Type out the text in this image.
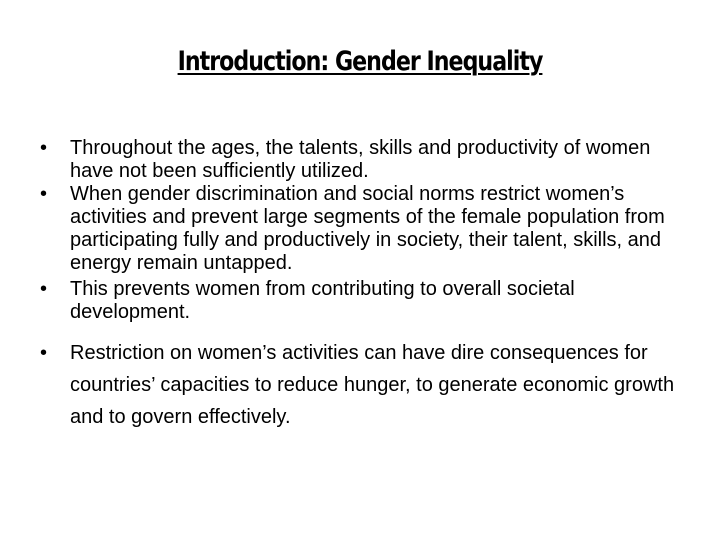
Introduction: Gender Inequality
• Throughout the ages, the talents, skills and productivity of women have not been sufficiently utilized.
• When gender discrimination and social norms restrict women’s activities and prevent large segments of the female population from participating fully and productively in society, their talent, skills, and energy remain untapped.
• This prevents women from contributing to overall societal development.
• Restriction on women’s activities can have dire consequences for countries’ capacities to reduce hunger, to generate economic growth and to govern effectively.
